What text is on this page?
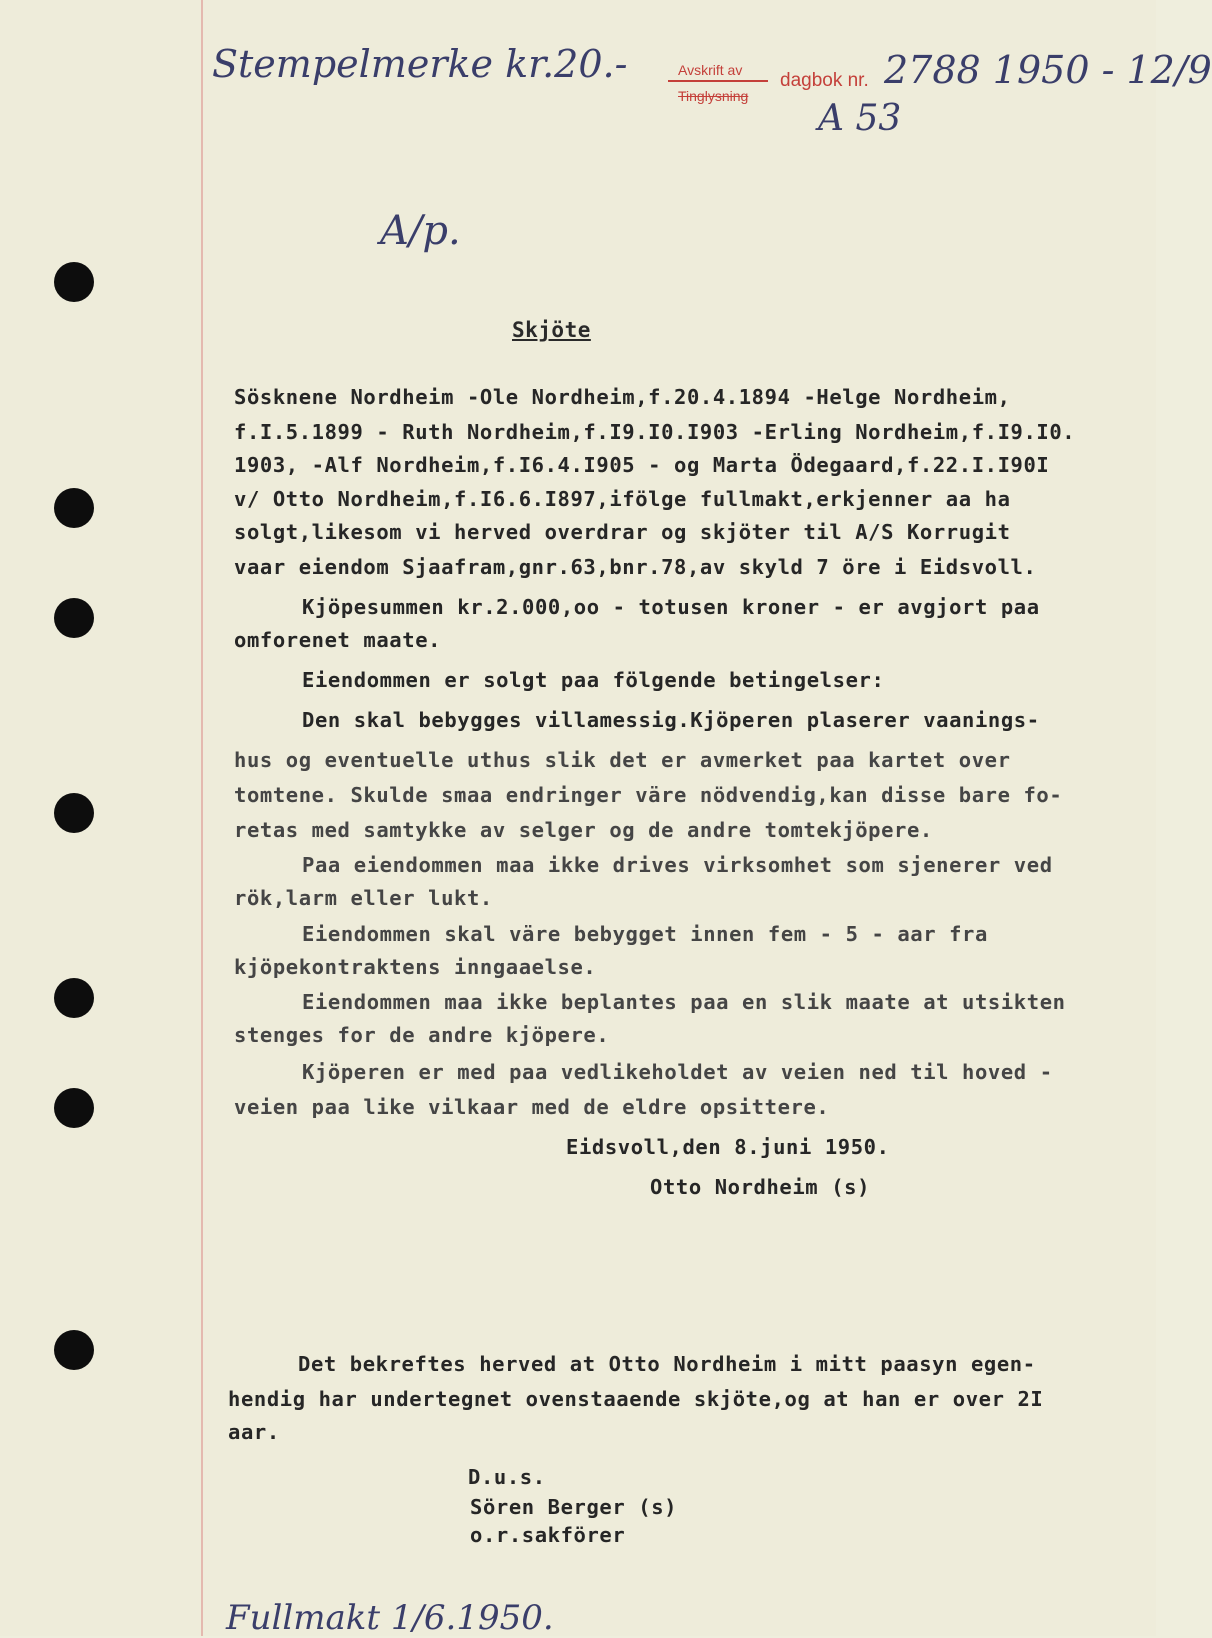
Stempelmerke kr.20.-	Avskrift av
Tinglysning
dagbok nr. 2788 1950 - 12/9
A 53
A/p.
Skjöte
Sösknene Nordheim -Ole Nordheim,f.20.4.1894 -Helge Nordheim,
f.I.5.1899 - Ruth Nordheim,f.I9.I0.I903 -Erling Nordheim,f.I9.I0.
1903, -Alf Nordheim,f.I6.4.I905 - og Marta Ödegaard,f.22.I.I90I
v/ Otto Nordheim,f.I6.6.I897,ifölge fullmakt,erkjenner aa ha
solgt,likesom vi herved overdrar og skjöter til A/S Korrugit
vaar eiendom Sjaafram,gnr.63,bnr.78,av skyld 7 öre i Eidsvoll.
Kjöpesummen kr.2.000,oo - totusen kroner - er avgjort paa
omforenet maate.
Eiendommen er solgt paa fölgende betingelser:
Den skal bebygges villamessig.Kjöperen plaserer vaanings-
hus og eventuelle uthus slik det er avmerket paa kartet over
tomtene. Skulde smaa endringer väre nödvendig,kan disse bare fo-
retas med samtykke av selger og de andre tomtekjöpere.
Paa eiendommen maa ikke drives virksomhet som sjenerer ved
rök,larm eller lukt.
Eiendommen skal väre bebygget innen fem - 5 - aar fra
kjöpekontraktens inngaaelse.
Eiendommen maa ikke beplantes paa en slik maate at utsikten
stenges for de andre kjöpere.
Kjöperen er med paa vedlikeholdet av veien ned til hoved -
veien paa like vilkaar med de eldre opsittere.
Eidsvoll,den 8.juni 1950.
Otto Nordheim (s)
Det bekreftes herved at Otto Nordheim i mitt paasyn egen-
hendig har undertegnet ovenstaaende skjöte,og at han er over 2I
aar.
D.u.s.
Sören Berger (s)
o.r.sakförer
Fullmakt 1/6.1950.
